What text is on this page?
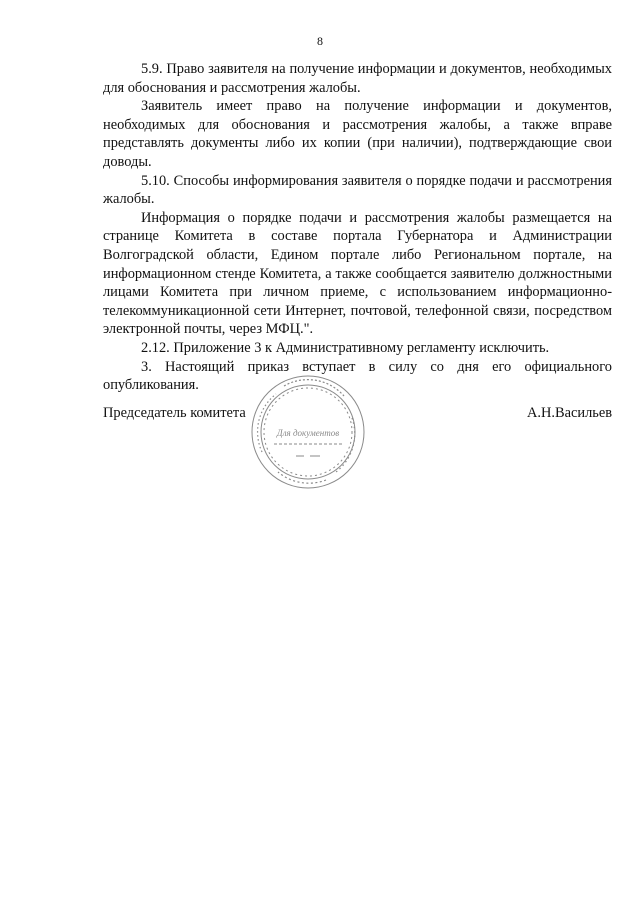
8

5.9. Право заявителя на получение информации и документов, необходимых для обоснования и рассмотрения жалобы.

Заявитель имеет право на получение информации и документов, необходимых для обоснования и рассмотрения жалобы, а также вправе представлять документы либо их копии (при наличии), подтверждающие свои доводы.

5.10. Способы информирования заявителя о порядке подачи и рассмотрения жалобы.

Информация о порядке подачи и рассмотрения жалобы размещается на странице Комитета в составе портала Губернатора и Администрации Волгоградской области, Едином портале либо Региональном портале, на информационном стенде Комитета, а также сообщается заявителю должностными лицами Комитета при личном приеме, с использованием информационно-телекоммуникационной сети Интернет, почтовой, телефонной связи, посредством электронной почты, через МФЦ.".

2.12. Приложение 3 к Административному регламенту исключить.

3. Настоящий приказ вступает в силу со дня его официального опубликования.

Председатель комитета	А.Н.Васильев
Для документов
